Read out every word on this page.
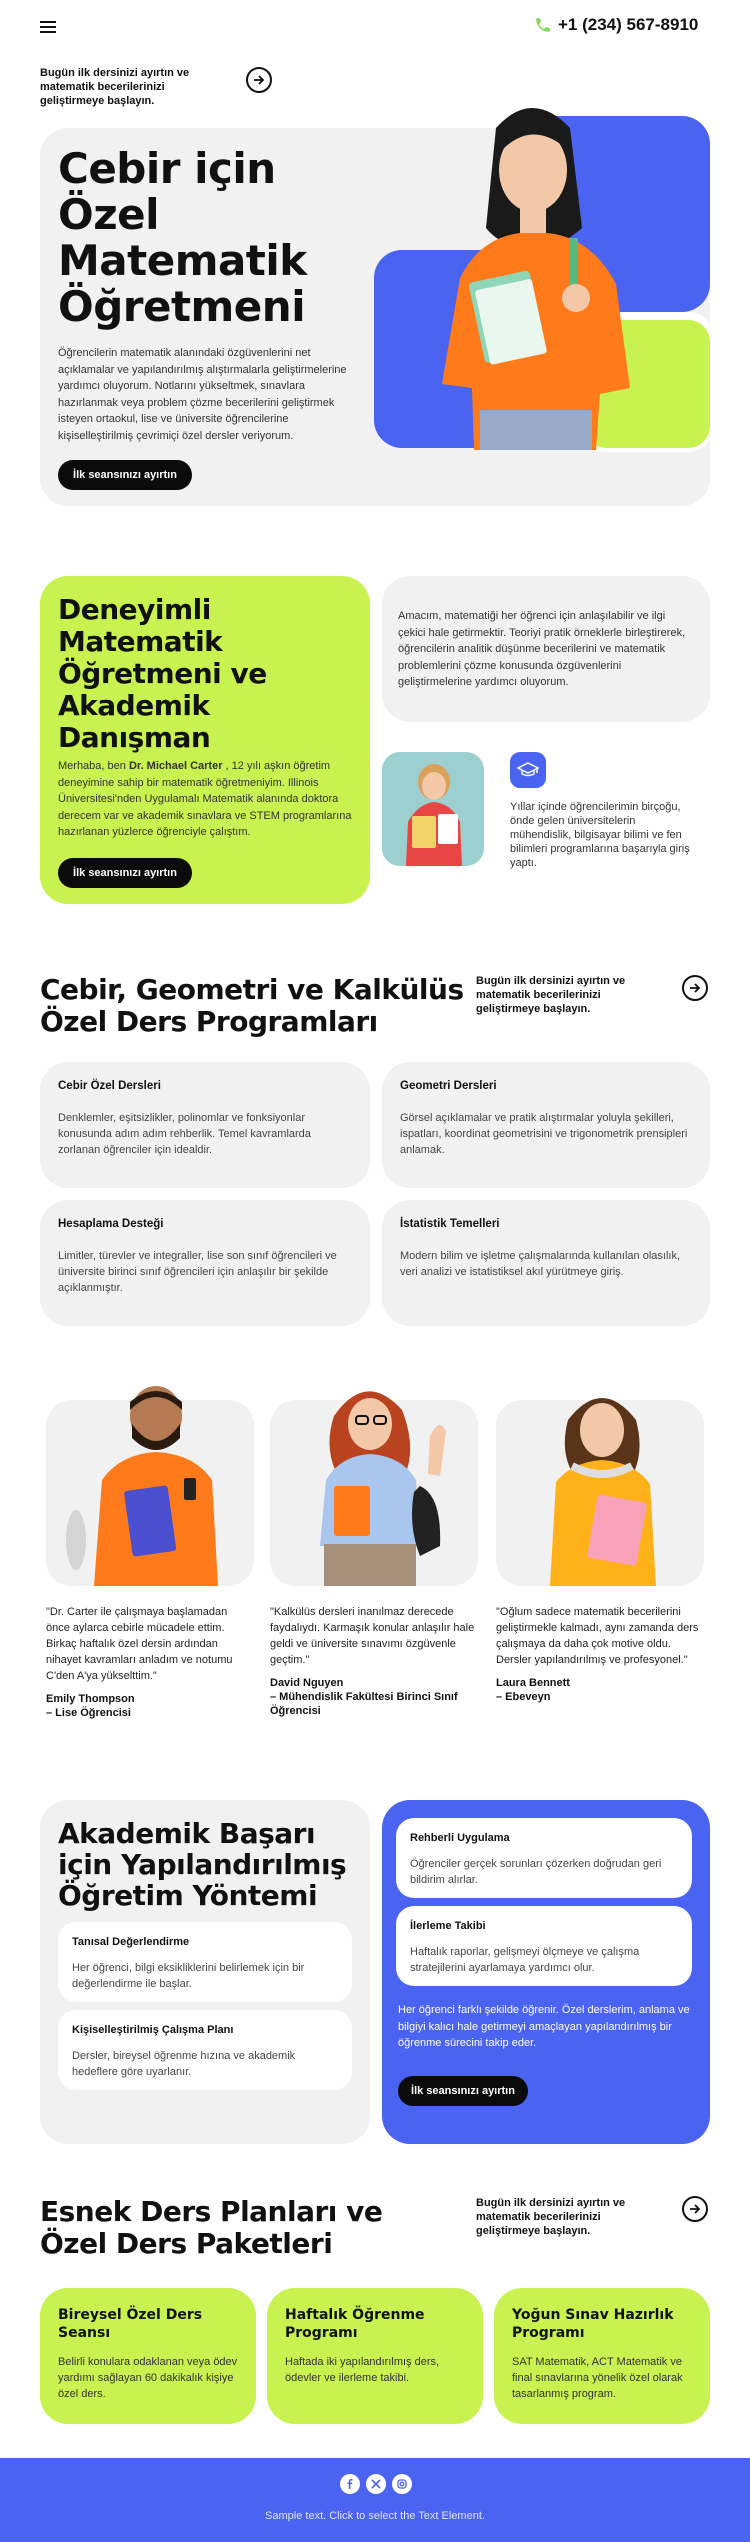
+1 (234) 567-8910
Bugün ilk dersinizi ayırtın ve matematik becerilerinizi geliştirmeye başlayın.
Cebir için Özel Matematik Öğretmeni
Öğrencilerin matematik alanındaki özgüvenlerini net açıklamalar ve yapılandırılmış alıştırmalarla geliştirmelerine yardımcı oluyorum. Notlarını yükseltmek, sınavlara hazırlanmak veya problem çözme becerilerini geliştirmek isteyen ortaokul, lise ve üniversite öğrencilerine kişiselleştirilmiş çevrimiçi özel dersler veriyorum.
İlk seansınızı ayırtın
Deneyimli Matematik Öğretmeni ve Akademik Danışman
Merhaba, ben Dr. Michael Carter , 12 yılı aşkın öğretim deneyimine sahip bir matematik öğretmeniyim. Illinois Üniversitesi'nden Uygulamalı Matematik alanında doktora derecem var ve akademik sınavlara ve STEM programlarına hazırlanan yüzlerce öğrenciyle çalıştım.
İlk seansınızı ayırtın
Amacım, matematiği her öğrenci için anlaşılabilir ve ilgi çekici hale getirmektir. Teoriyi pratik örneklerle birleştirerek, öğrencilerin analitik düşünme becerilerini ve matematik problemlerini çözme konusunda özgüvenlerini geliştirmelerine yardımcı oluyorum.
Yıllar içinde öğrencilerimin birçoğu, önde gelen üniversitelerin mühendislik, bilgisayar bilimi ve fen bilimleri programlarına başarıyla giriş yaptı.
Cebir, Geometri ve Kalkülüs Özel Ders Programları
Bugün ilk dersinizi ayırtın ve matematik becerilerinizi geliştirmeye başlayın.
Cebir Özel Dersleri
Denklemler, eşitsizlikler, polinomlar ve fonksiyonlar konusunda adım adım rehberlik. Temel kavramlarda zorlanan öğrenciler için idealdir.
Geometri Dersleri
Görsel açıklamalar ve pratik alıştırmalar yoluyla şekilleri, ispatları, koordinat geometrisini ve trigonometrik prensipleri anlamak.
Hesaplama Desteği
Limitler, türevler ve integraller, lise son sınıf öğrencileri ve üniversite birinci sınıf öğrencileri için anlaşılır bir şekilde açıklanmıştır.
İstatistik Temelleri
Modern bilim ve işletme çalışmalarında kullanılan olasılık, veri analizi ve istatistiksel akıl yürütmeye giriş.
"Dr. Carter ile çalışmaya başlamadan önce aylarca cebirle mücadele ettim. Birkaç haftalık özel dersin ardından nihayet kavramları anladım ve notumu C'den A'ya yükselttim."
Emily Thompson
– Lise Öğrencisi
"Kalkülüs dersleri inanılmaz derecede faydalıydı. Karmaşık konular anlaşılır hale geldi ve üniversite sınavımı özgüvenle geçtim."
David Nguyen
– Mühendislik Fakültesi Birinci Sınıf Öğrencisi
"Oğlum sadece matematik becerilerini geliştirmekle kalmadı, aynı zamanda ders çalışmaya da daha çok motive oldu. Dersler yapılandırılmış ve profesyonel."
Laura Bennett
– Ebeveyn
Akademik Başarı için Yapılandırılmış Öğretim Yöntemi
Tanısal Değerlendirme
Her öğrenci, bilgi eksikliklerini belirlemek için bir değerlendirme ile başlar.
Kişiselleştirilmiş Çalışma Planı
Dersler, bireysel öğrenme hızına ve akademik hedeflere göre uyarlanır.
Rehberli Uygulama
Öğrenciler gerçek sorunları çözerken doğrudan geri bildirim alırlar.
İlerleme Takibi
Haftalık raporlar, gelişmeyi ölçmeye ve çalışma stratejilerini ayarlamaya yardımcı olur.
Her öğrenci farklı şekilde öğrenir. Özel derslerim, anlama ve bilgiyi kalıcı hale getirmeyi amaçlayan yapılandırılmış bir öğrenme sürecini takip eder.
İlk seansınızı ayırtın
Esnek Ders Planları ve Özel Ders Paketleri
Bugün ilk dersinizi ayırtın ve matematik becerilerinizi geliştirmeye başlayın.
Bireysel Özel Ders Seansı
Belirli konulara odaklanan veya ödev yardımı sağlayan 60 dakikalık kişiye özel ders.
Haftalık Öğrenme Programı
Haftada iki yapılandırılmış ders, ödevler ve ilerleme takibi.
Yoğun Sınav Hazırlık Programı
SAT Matematik, ACT Matematik ve final sınavlarına yönelik özel olarak tasarlanmış program.
Sample text. Click to select the Text Element.
